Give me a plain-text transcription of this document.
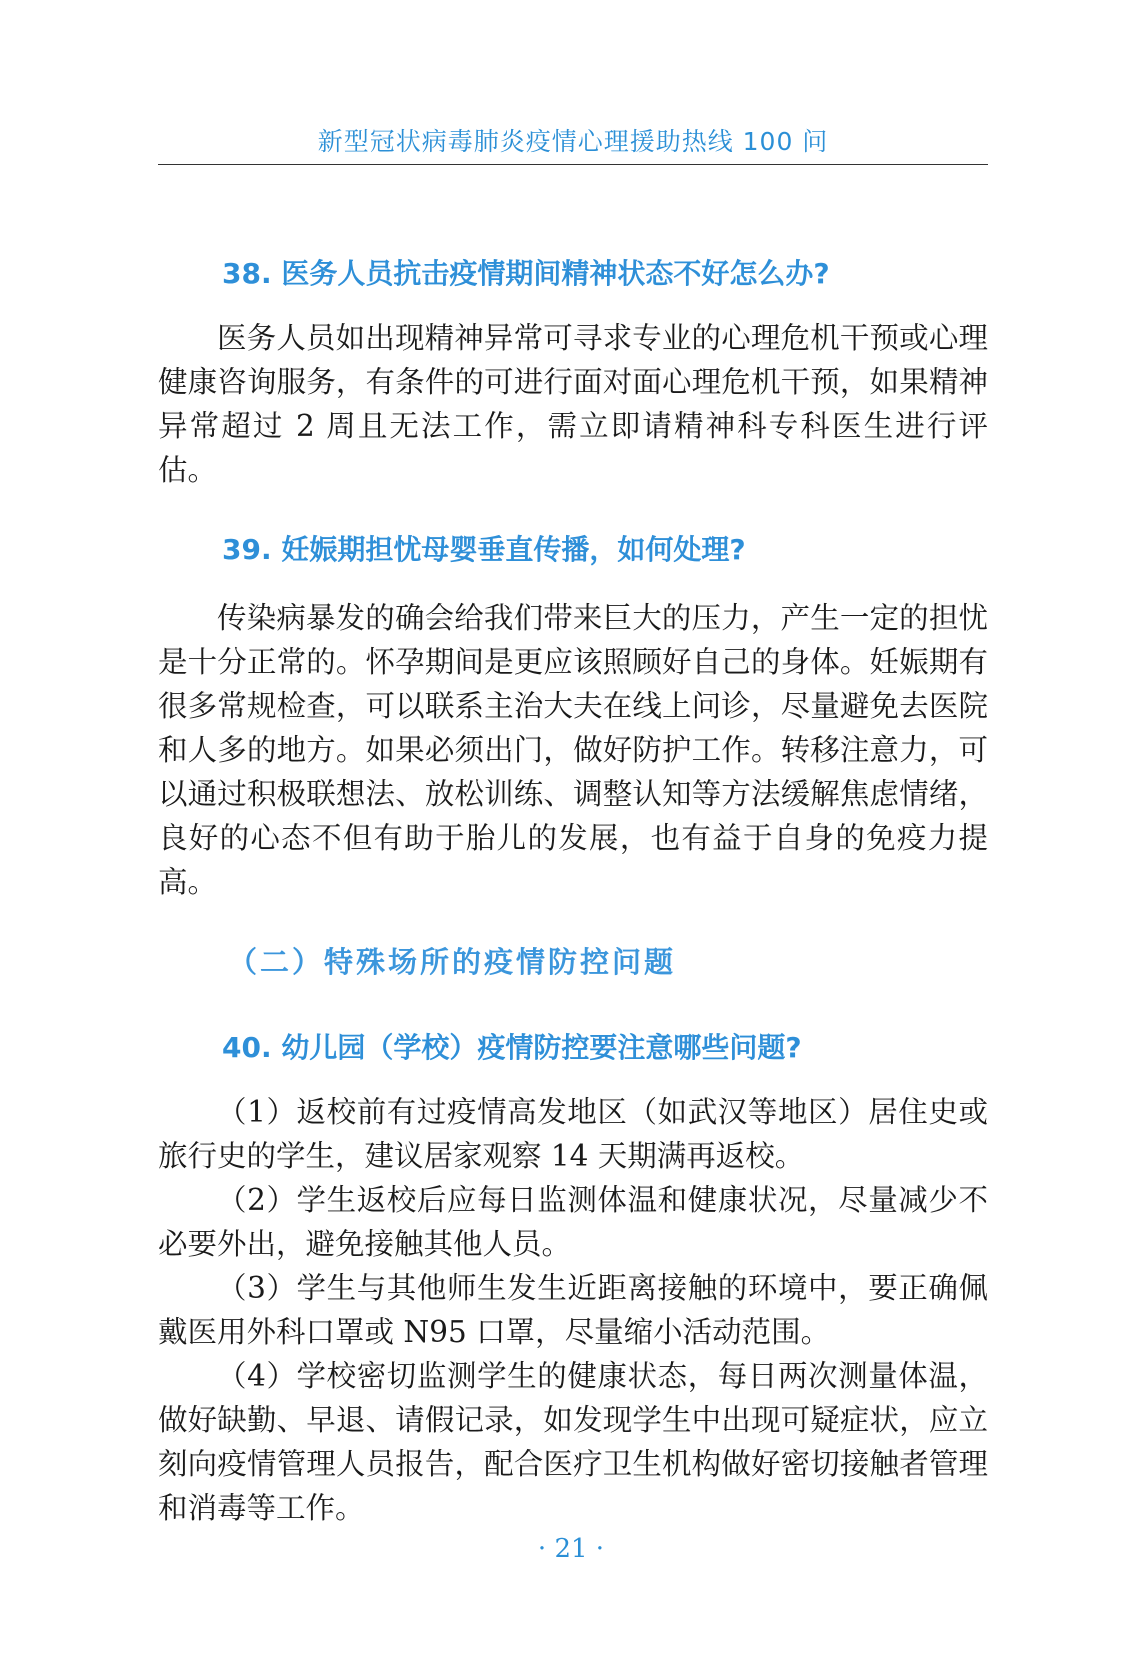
新型冠状病毒肺炎疫情心理援助热线 100 问
38. 医务人员抗击疫情期间精神状态不好怎么办?

医务人员如出现精神异常可寻求专业的心理危机干预或心理健康咨询服务，有条件的可进行面对面心理危机干预，如果精神异常超过 2 周且无法工作，需立即请精神科专科医生进行评估。

39. 妊娠期担忧母婴垂直传播，如何处理?

传染病暴发的确会给我们带来巨大的压力，产生一定的担忧是十分正常的。怀孕期间是更应该照顾好自己的身体。妊娠期有很多常规检查，可以联系主治大夫在线上问诊，尽量避免去医院和人多的地方。如果必须出门，做好防护工作。转移注意力，可以通过积极联想法、放松训练、调整认知等方法缓解焦虑情绪，良好的心态不但有助于胎儿的发展，也有益于自身的免疫力提高。

（二）特殊场所的疫情防控问题
40. 幼儿园（学校）疫情防控要注意哪些问题?

（1）返校前有过疫情高发地区（如武汉等地区）居住史或旅行史的学生，建议居家观察 14 天期满再返校。

（2）学生返校后应每日监测体温和健康状况，尽量减少不必要外出，避免接触其他人员。

（3）学生与其他师生发生近距离接触的环境中，要正确佩戴医用外科口罩或 N95 口罩，尽量缩小活动范围。

（4）学校密切监测学生的健康状态，每日两次测量体温，做好缺勤、早退、请假记录，如发现学生中出现可疑症状，应立刻向疫情管理人员报告，配合医疗卫生机构做好密切接触者管理和消毒等工作。

· 21 ·
